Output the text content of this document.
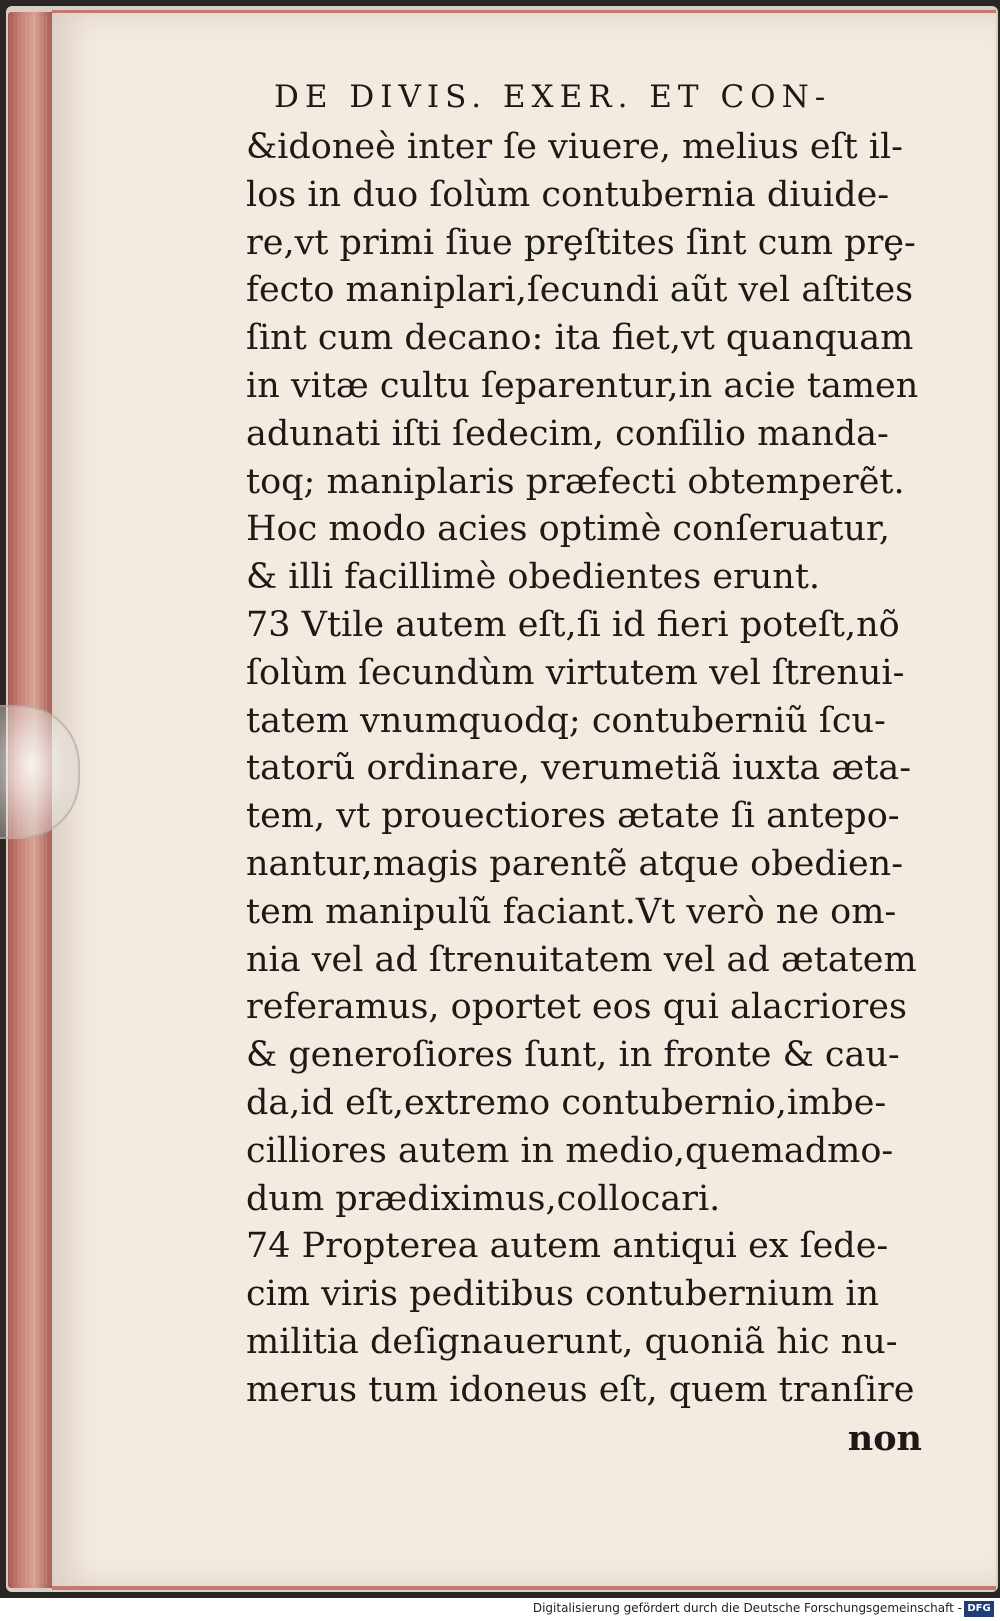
DE DIVIS. EXER. ET CON-
&idoneè inter ſe viuere, melius eſt il-
los in duo ſolùm contubernia diuide-
re,vt primi ſiue prȩſtites ſint cum prȩ-
fecto maniplari,ſecundi aũt vel aſtites
ſint cum decano: ita fiet,vt quanquam
in vitæ cultu ſeparentur,in acie tamen
adunati iſti ſedecim, conſilio manda-
toq; maniplaris præfecti obtemperẽt.
Hoc modo acies optimè conſeruatur,
& illi facillimè obedientes erunt.
73 Vtile autem eſt,ſi id fieri poteſt,nõ
ſolùm ſecundùm virtutem vel ſtrenui-
tatem vnumquodq; contuberniũ ſcu-
tatorũ ordinare, verumetiã iuxta æta-
tem, vt prouectiores ætate ſi antepo-
nantur,magis parentẽ atque obedien-
tem manipulũ faciant.Vt verò ne om-
nia vel ad ſtrenuitatem vel ad ætatem
referamus, oportet eos qui alacriores
& generoſiores ſunt, in fronte & cau-
da,id eſt,extremo contubernio,imbe-
cilliores autem in medio,quemadmo-
dum prædiximus,collocari.
74 Propterea autem antiqui ex ſede-
cim viris peditibus contubernium in
militia deſignauerunt, quoniã hic nu-
merus tum idoneus eſt, quem tranſire
non
Digitalisierung gefördert durch die Deutsche Forschungsgemeinschaft - DFG
